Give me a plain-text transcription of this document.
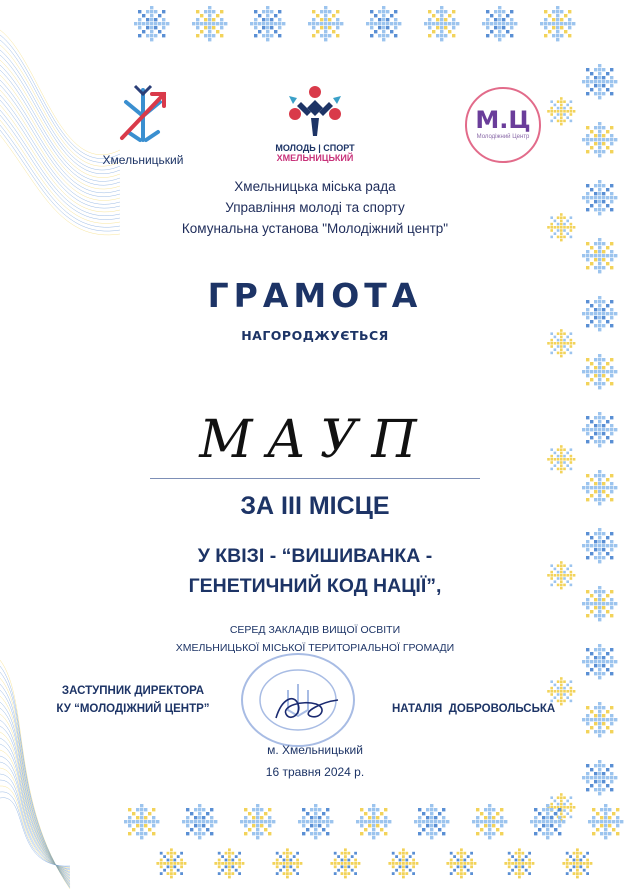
Хмельницький
МОЛОДЬ | СПОРТ
ХМЕЛЬНИЦЬКИЙ
М.Ц
Молодіжний Центр
Хмельницька міська рада
Управління молоді та спорту
Комунальна установа "Молодіжний центр"
ГРАМОТА
НАГОРОДЖУЄТЬСЯ
МАУП
ЗА ІІІ МІСЦЕ
У КВІЗІ - “ВИШИВАНКА -
ГЕНЕТИЧНИЙ КОД НАЦІЇ”,
СЕРЕД ЗАКЛАДІВ ВИЩОЇ ОСВІТИ
ХМЕЛЬНИЦЬКОЇ МІСЬКОЇ ТЕРИТОРІАЛЬНОЇ ГРОМАДИ
ЗАСТУПНИК ДИРЕКТОРА
КУ “МОЛОДІЖНИЙ ЦЕНТР”	НАТАЛІЯ  ДОБРОВОЛЬСЬКА
м. Хмельницький
16 травня 2024 р.
